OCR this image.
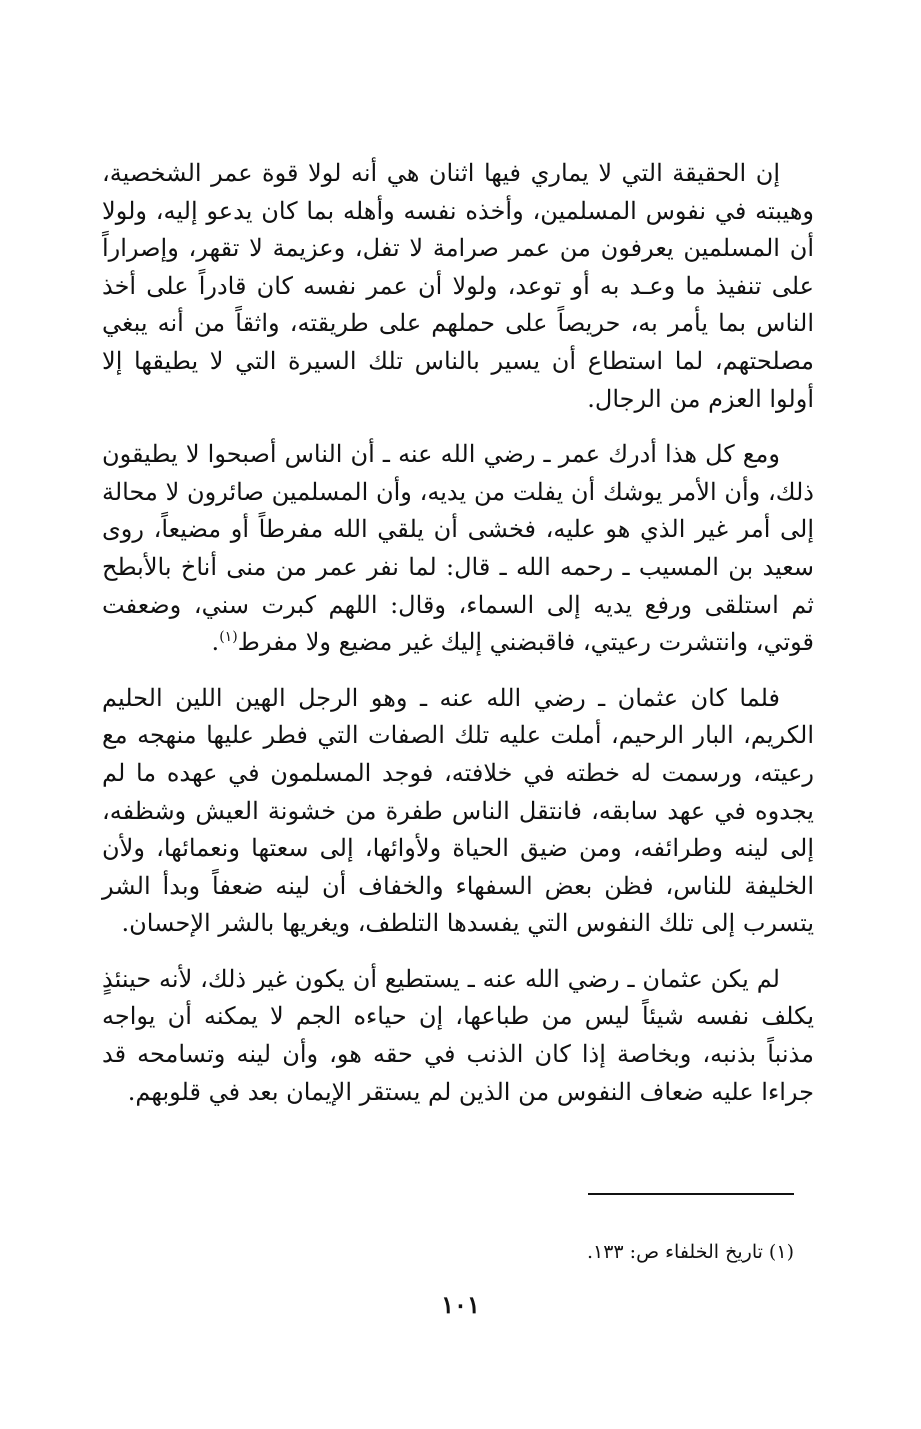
إن الحقيقة التي لا يماري فيها اثنان هي أنه لولا قوة عمر الشخصية، وهيبته في نفوس المسلمين، وأخذه نفسه وأهله بما كان يدعو إليه، ولولا أن المسلمين يعرفون من عمر صرامة لا تفل، وعزيمة لا تقهر، وإصراراً على تنفيذ ما وعـد به أو توعد، ولولا أن عمر نفسه كان قادراً على أخذ الناس بما يأمر به، حريصاً على حملهم على طريقته، واثقاً من أنه يبغي مصلحتهم، لما استطاع أن يسير بالناس تلك السيرة التي لا يطيقها إلا أولوا العزم من الرجال.

ومع كل هذا أدرك عمر ـ رضي الله عنه ـ أن الناس أصبحوا لا يطيقون ذلك، وأن الأمر يوشك أن يفلت من يديه، وأن المسلمين صائرون لا محالة إلى أمر غير الذي هو عليه، فخشى أن يلقي الله مفرطاً أو مضيعاً، روى سعيد بن المسيب ـ رحمه الله ـ قال: لما نفر عمر من منى أناخ بالأبطح ثم استلقى ورفع يديه إلى السماء، وقال: اللهم كبرت سني، وضعفت قوتي، وانتشرت رعيتي، فاقبضني إليك غير مضيع ولا مفرط$^{(١)}$.

فلما كان عثمان ـ رضي الله عنه ـ وهو الرجل الهين اللين الحليم الكريم، البار الرحيم، أملت عليه تلك الصفات التي فطر عليها منهجه مع رعيته، ورسمت له خطته في خلافته، فوجد المسلمون في عهده ما لم يجدوه في عهد سابقه، فانتقل الناس طفرة من خشونة العيش وشظفه، إلى لينه وطرائفه، ومن ضيق الحياة ولأوائها، إلى سعتها ونعمائها، ولأن الخليفة للناس، فظن بعض السفهاء والخفاف أن لينه ضعفاً وبدأ الشر يتسرب إلى تلك النفوس التي يفسدها التلطف، ويغريها بالشر الإحسان.

لم يكن عثمان ـ رضي الله عنه ـ يستطيع أن يكون غير ذلك، لأنه حينئذٍ يكلف نفسه شيئاً ليس من طباعها، إن حياءه الجم لا يمكنه أن يواجه مذنباً بذنبه، وبخاصة إذا كان الذنب في حقه هو، وأن لينه وتسامحه قد جراءا عليه ضعاف النفوس من الذين لم يستقر الإيمان بعد في قلوبهم.

(١) تاريخ الخلفاء ص: ١٣٣.
١٠١
